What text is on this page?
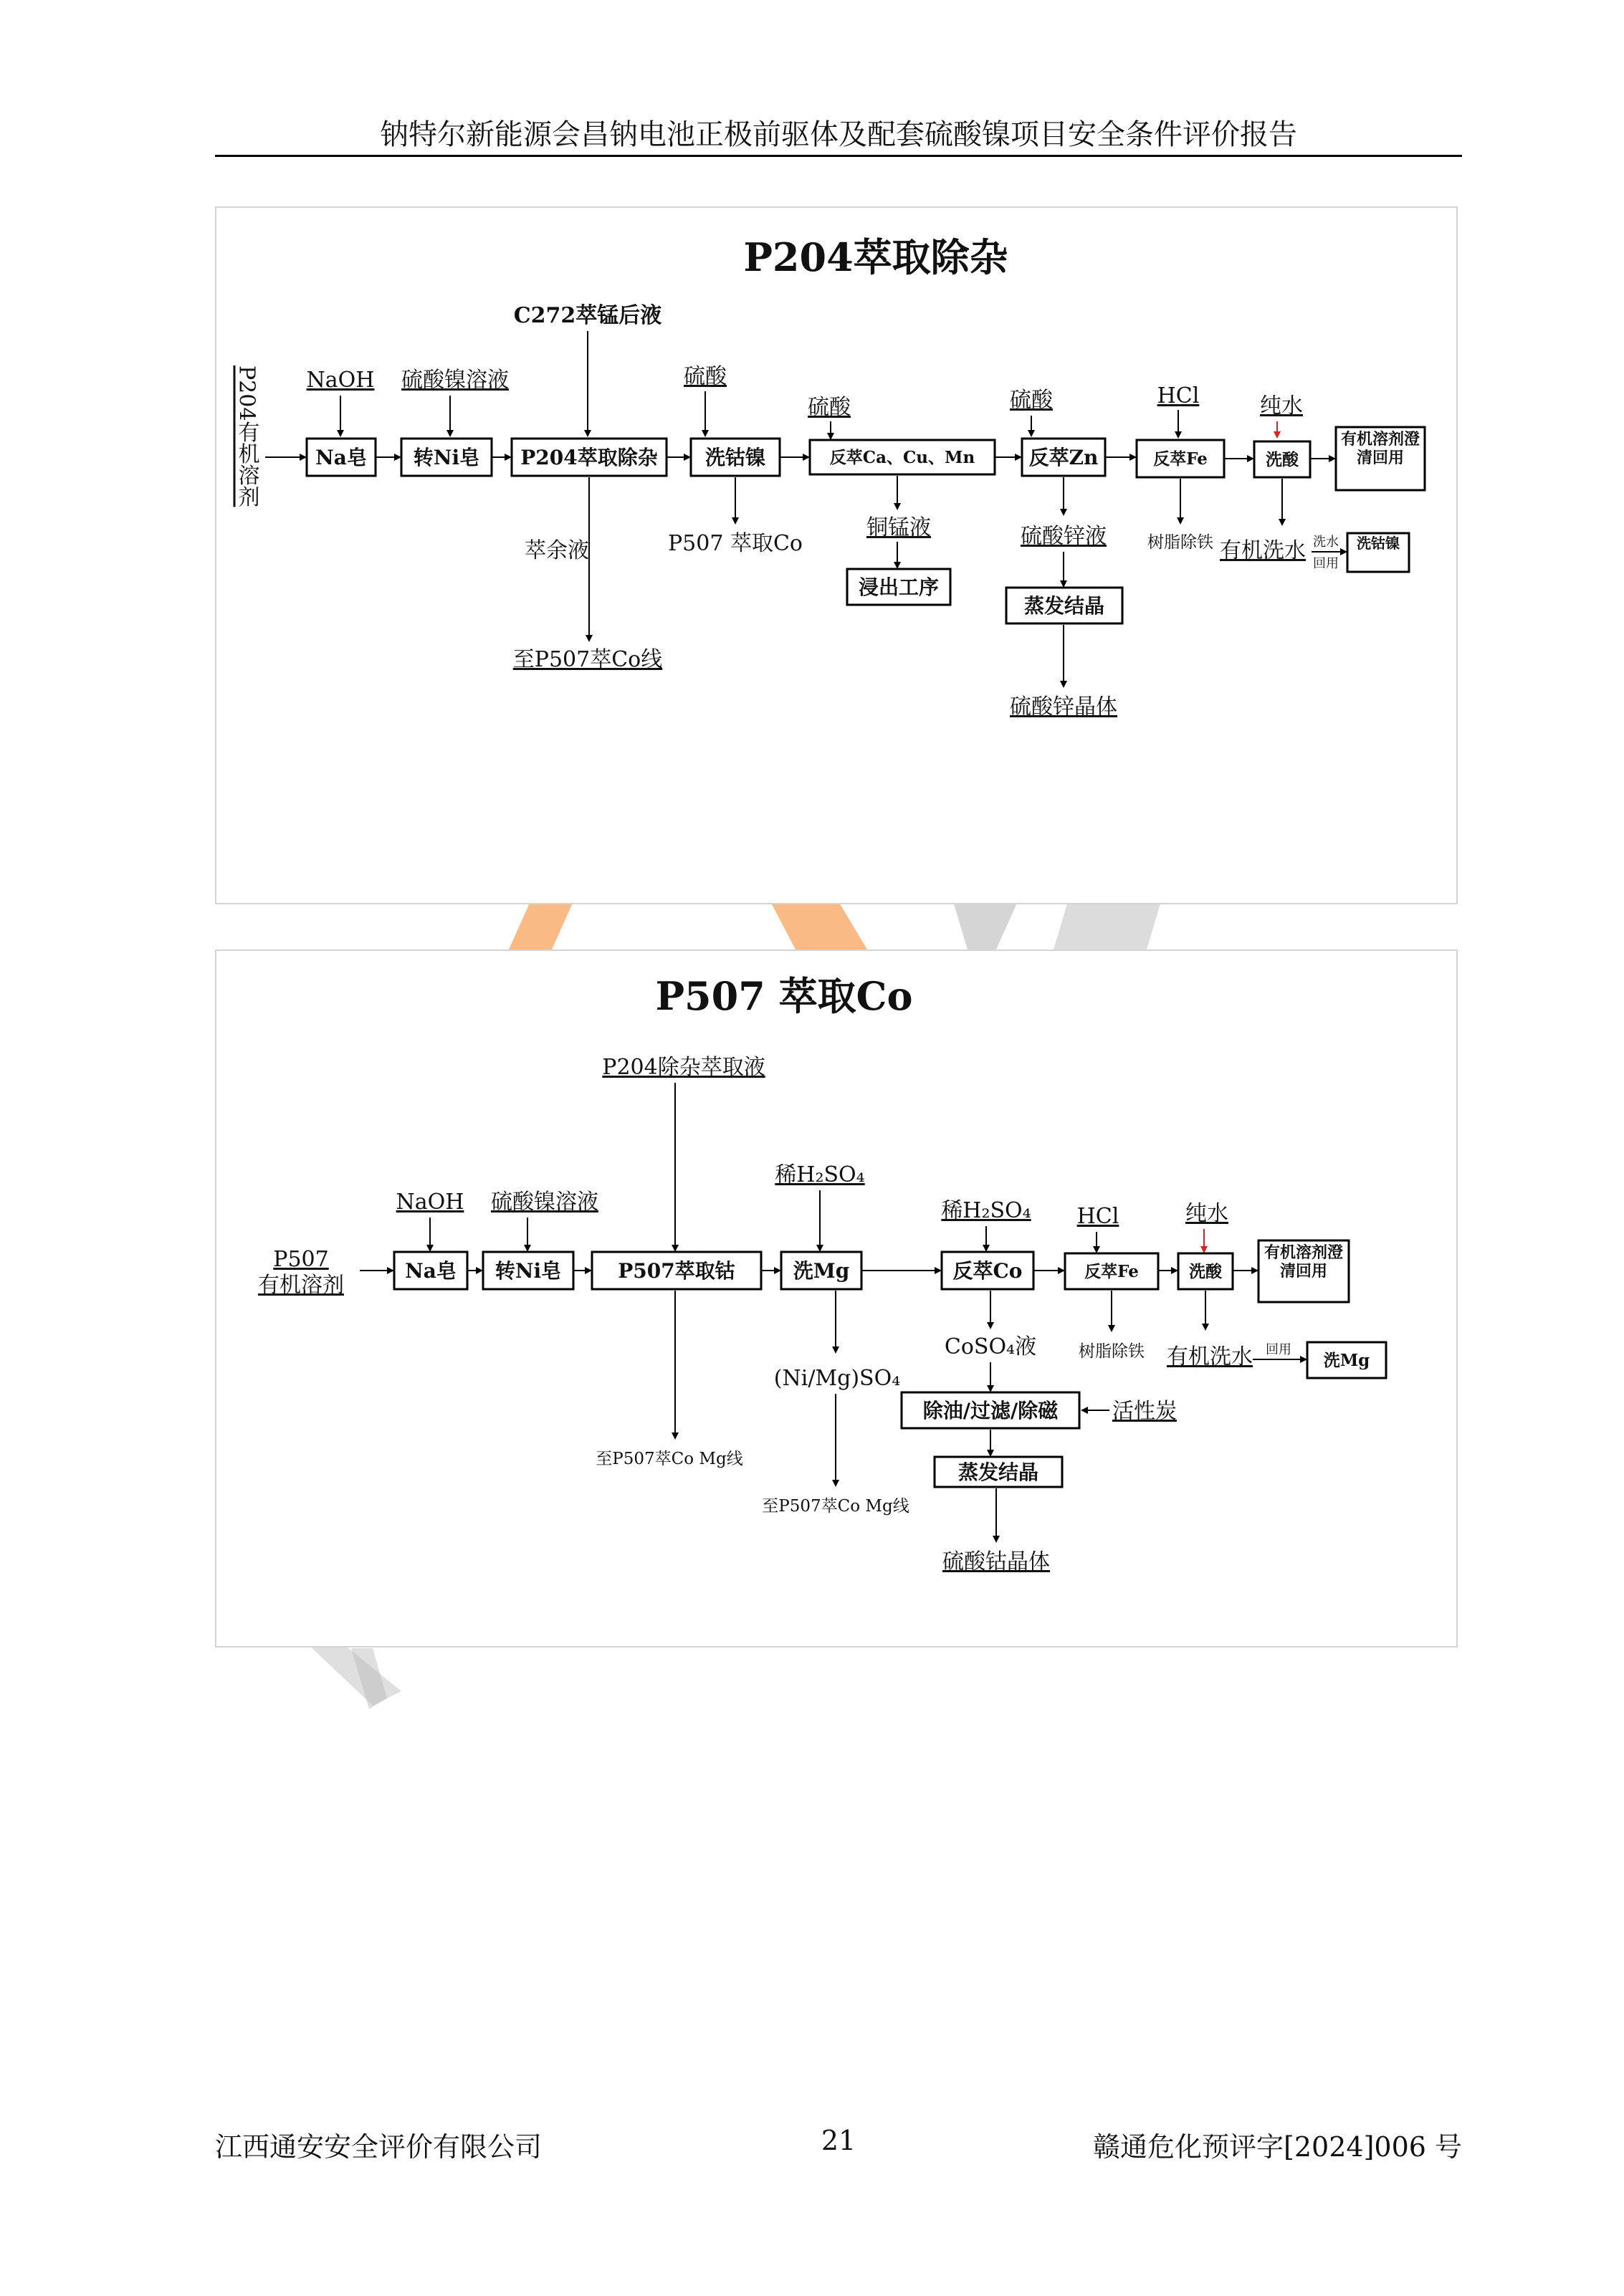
钠特尔新能源会昌钠电池正极前驱体及配套硫酸镍项目安全条件评价报告
P204萃取除杂
C272萃锰后液
P204有机溶剂 NaOH 硫酸镍溶液	硫酸
硫酸	硫酸	HCl	纯水
Na皂 转Ni皂 P204萃取除杂 洗钴镍	反萃Ca、Cu、Mn	反萃Zn	反萃Fe	洗酸
有机溶剂澄清回用
萃余液
至P507萃Co线
P507 萃取Co
铜锰液
浸出工序
硫酸锌液
蒸发结晶
硫酸锌晶体
树脂除铁 有机洗水 洗水
回用
洗钴镍
P507 萃取Co
P204除杂萃取液
P507
有机溶剂
NaOH 硫酸镍溶液
稀H₂SO₄
稀H₂SO₄ HCl	纯水
Na皂 转Ni皂	P507萃取钴	洗Mg	反萃Co	反萃Fe	洗酸
有机溶剂澄清回用
至P507萃Co Mg线
(Ni/Mg)SO₄
至P507萃Co Mg线
CoSO₄液
除油/过滤/除磁	活性炭
蒸发结晶
硫酸钴晶体
树脂除铁 有机洗水 回用
洗Mg
江西通安安全评价有限公司	21	赣通危化预评字[2024]006 号
